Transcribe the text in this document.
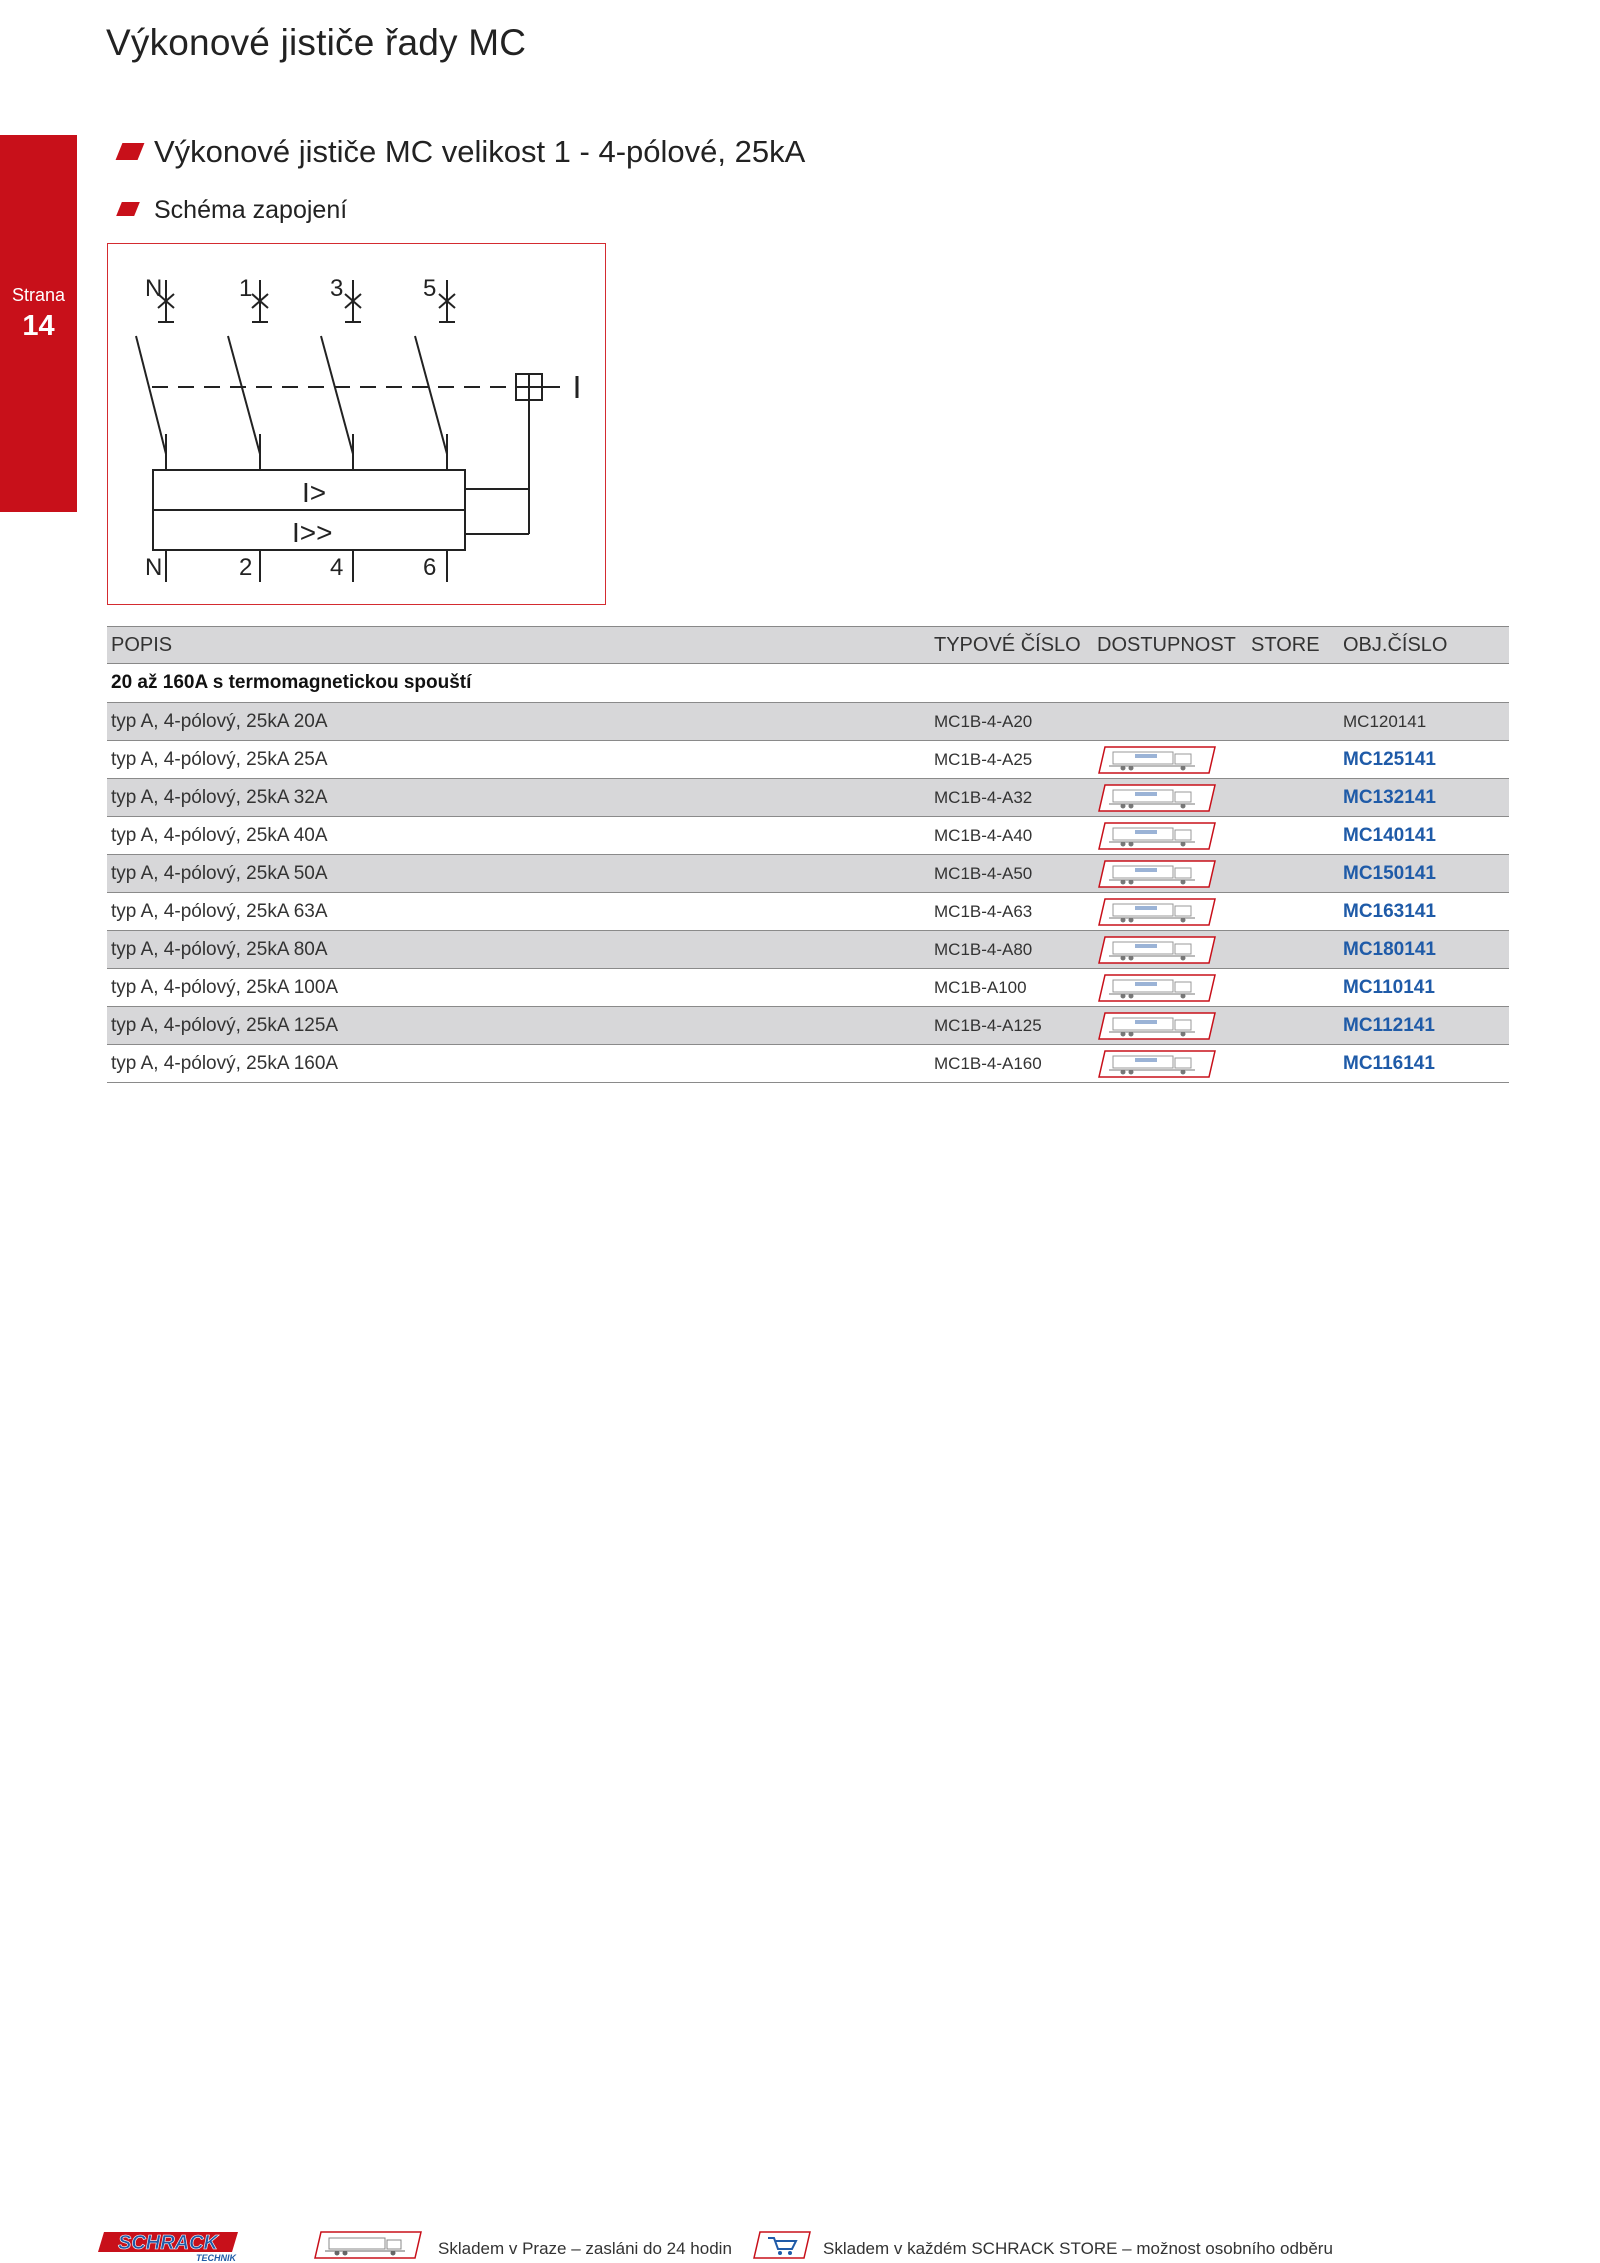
Výkonové jističe řady MC
Strana
14
Výkonové jističe MC velikost 1 - 4-pólové, 25kA
Schéma zapojení
N	1	3	5
N	2	4	6
I>
I>>
POPIS	TYPOVÉ ČÍSLO	DOSTUPNOST	STORE	OBJ.ČÍSLO
20 až 160A s termomagnetickou spouští				
typ A, 4-pólový, 25kA 20A	MC1B-4-A20			MC120141
typ A, 4-pólový, 25kA 25A	MC1B-4-A25			MC125141
typ A, 4-pólový, 25kA 32A	MC1B-4-A32			MC132141
typ A, 4-pólový, 25kA 40A	MC1B-4-A40			MC140141
typ A, 4-pólový, 25kA 50A	MC1B-4-A50			MC150141
typ A, 4-pólový, 25kA 63A	MC1B-4-A63			MC163141
typ A, 4-pólový, 25kA 80A	MC1B-4-A80			MC180141
typ A, 4-pólový, 25kA 100A	MC1B-A100			MC110141
typ A, 4-pólový, 25kA 125A	MC1B-4-A125			MC112141
typ A, 4-pólový, 25kA 160A	MC1B-4-A160			MC116141
SCHRACK
TECHNIK	Skladem v Praze – zasláni do 24 hodin	Skladem v každém SCHRACK STORE – možnost osobního odběru
